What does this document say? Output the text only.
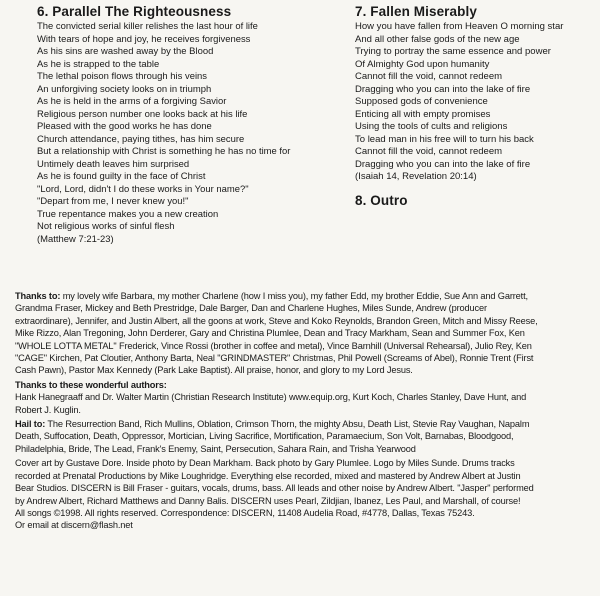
6. Parallel The Righteousness
The convicted serial killer relishes the last hour of life
With tears of hope and joy, he receives forgiveness
As his sins are washed away by the Blood
As he is strapped to the table
The lethal poison flows through his veins
An unforgiving society looks on in triumph
As he is held in the arms of a forgiving Savior
Religious person number one looks back at his life
Pleased with the good works he has done
Church attendance, paying tithes, has him secure
But a relationship with Christ is something he has no time for
Untimely death leaves him surprised
As he is found guilty in the face of Christ
"Lord, Lord, didn't I do these works in Your name?"
"Depart from me, I never knew you!"
True repentance makes you a new creation
Not religious works of sinful flesh
(Matthew 7:21-23)
7. Fallen Miserably
How you have fallen from Heaven O morning star
And all other false gods of the new age
Trying to portray the same essence and power
Of Almighty God upon humanity
Cannot fill the void, cannot redeem
Dragging who you can into the lake of fire
Supposed gods of convenience
Enticing all with empty promises
Using the tools of cults and religions
To lead man in his free will to turn his back
Cannot fill the void, cannot redeem
Dragging who you can into the lake of fire
(Isaiah 14, Revelation 20:14)
8. Outro
Thanks to: my lovely wife Barbara, my mother Charlene (how I miss you), my father Edd, my brother Eddie, Sue Ann and Garrett,
Grandma Fraser, Mickey and Beth Prestridge, Dale Barger, Dan and Charlene Hughes, Miles Sunde, Andrew (producer
extraordinare), Jennifer, and Justin Albert, all the goons at work, Steve and Koko Reynolds, Brandon Green, Mitch and Missy Reese,
Mike Rizzo, Alan Tregoning, John Derderer, Gary and Christina Plumlee, Dean and Tracy Markham, Sean and Summer Fox, Ken
"WHOLE LOTTA METAL" Frederick, Vince Rossi (brother in coffee and metal), Vince Barnhill (Universal Rehearsal), Julio Rey, Ken
"CAGE" Kirchen, Pat Cloutier, Anthony Barta, Neal "GRINDMASTER" Christmas, Phil Powell (Screams of Abel), Ronnie Trent (First
Cash Pawn), Pastor Max Kennedy (Park Lake Baptist). All praise, honor, and glory to my Lord Jesus.
Thanks to these wonderful authors:
Hank Hanegraaff and Dr. Walter Martin (Christian Research Institute) www.equip.org, Kurt Koch, Charles Stanley, Dave Hunt, and
Robert J. Kuglin.
Hail to: The Resurrection Band, Rich Mullins, Oblation, Crimson Thorn, the mighty Absu, Death List, Stevie Ray Vaughan, Napalm
Death, Suffocation, Death, Oppressor, Mortician, Living Sacrifice, Mortification, Paramaecium, Son Volt, Barnabas, Bloodgood,
Philadelphia, Bride, The Lead, Frank's Enemy, Saint, Persecution, Sahara Rain, and Trisha Yearwood
Cover art by Gustave Dore. Inside photo by Dean Markham. Back photo by Gary Plumlee. Logo by Miles Sunde. Drums tracks
recorded at Prenatal Productions by Mike Loughridge. Everything else recorded, mixed and mastered by Andrew Albert at Justin
Bear Studios. DISCERN is Bill Fraser - guitars, vocals, drums, bass. All leads and other noise by Andrew Albert. "Jasper" performed
by Andrew Albert, Richard Matthews and Danny Balis. DISCERN uses Pearl, Zildjian, Ibanez, Les Paul, and Marshall, of course!
All songs ©1998. All rights reserved. Correspondence: DISCERN, 11408 Audelia Road, #4778, Dallas, Texas 75243.
Or email at discern@flash.net
